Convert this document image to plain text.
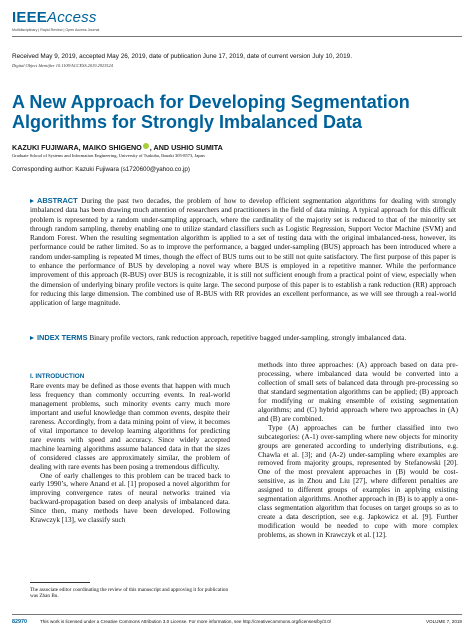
IEEEAccess
Multidisciplinary | Rapid Review | Open Access Journal
Received May 9, 2019, accepted May 26, 2019, date of publication June 17, 2019, date of current version July 10, 2019.
Digital Object Identifier 10.1109/ACCESS.2019.2923524
A New Approach for Developing Segmentation Algorithms for Strongly Imbalanced Data
KAZUKI FUJIWARA, MAIKO SHIGENO , AND USHIO SUMITA
Graduate School of Systems and Information Engineering, University of Tsukuba, Ibaraki 305-8573, Japan
Corresponding author: Kazuki Fujiwara (s1720600@yahoo.co.jp)
ABSTRACT During the past two decades, the problem of how to develop efficient segmentation algorithms for dealing with strongly imbalanced data has been drawing much attention of researchers and practitioners in the field of data mining. A typical approach for this difficult problem is represented by a random under-sampling approach, where the cardinality of the majority set is reduced to that of the minority set through random sampling, thereby enabling one to utilize standard classifiers such as Logistic Regression, Support Vector Machine (SVM) and Random Forest. When the resulting segmentation algorithm is applied to a set of testing data with the original imbalanced-ness, however, its performance could be rather limited. So as to improve the performance, a bagged under-sampling (BUS) approach has been introduced where a random under-sampling is repeated M times, though the effect of BUS turns out to be still not quite satisfactory. The first purpose of this paper is to enhance the performance of BUS by developing a novel way where BUS is employed in a repetitive manner. While the performance improvement of this approach (R-BUS) over BUS is recognizable, it is still not sufficient enough from a practical point of view, especially when the dimension of underlying binary profile vectors is quite large. The second purpose of this paper is to establish a rank reduction (RR) approach for reducing this large dimension. The combined use of R-BUS with RR provides an excellent performance, as we will see through a real-world application of large magnitude.
INDEX TERMS Binary profile vectors, rank reduction approach, repetitive bagged under-sampling, strongly imbalanced data.
I. INTRODUCTION

Rare events may be defined as those events that happen with much less frequency than commonly occurring events. In real-world management problems, such minority events carry much more important and useful knowledge than common events, despite their rareness. Accordingly, from a data mining point of view, it becomes of vital importance to develop learning algorithms for predicting rare events with speed and accuracy. Since widely accepted machine learning algorithms assume balanced data in that the sizes of considered classes are approximately similar, the problem of dealing with rare events has been posing a tremendous difficulty.

One of early challenges to this problem can be traced back to early 1990’s, where Anand et al. [1] proposed a novel algorithm for improving convergence rates of neural networks trained via backward-propagation based on deep analysis of imbalanced data. Since then, many methods have been developed. Following Krawczyk [13], we classify such

The associate editor coordinating the review of this manuscript and approving it for publication was Zhan Bu.

methods into three approaches: (A) approach based on data pre-processing, where imbalanced data would be converted into a collection of small sets of balanced data through pre-processing so that standard segmentation algorithms can be applied; (B) approach for modifying or making ensemble of existing segmentation algorithms; and (C) hybrid approach where two approaches in (A) and (B) are combined.

Type (A) approaches can be further classified into two subcategories: (A-1) over-sampling where new objects for minority groups are generated according to underlying distributions, e.g. Chawla et al. [3]; and (A-2) under-sampling where examples are removed from majority groups, represented by Stefanowski [20]. One of the most prevalent approaches in (B) would be cost-sensitive, as in Zhou and Liu [27], where different penalties are assigned to different groups of examples in applying existing segmentation algorithms. Another approach in (B) is to apply a one-class segmentation algorithm that focuses on target groups so as to create a data description, see e.g. Japkowicz et al. [9]. Further modification would be needed to cope with more complex problems, as shown in Krawczyk et al. [12].

82970	This work is licensed under a Creative Commons Attribution 3.0 License. For more information, see http://creativecommons.org/licenses/by/3.0/	VOLUME 7, 2019
